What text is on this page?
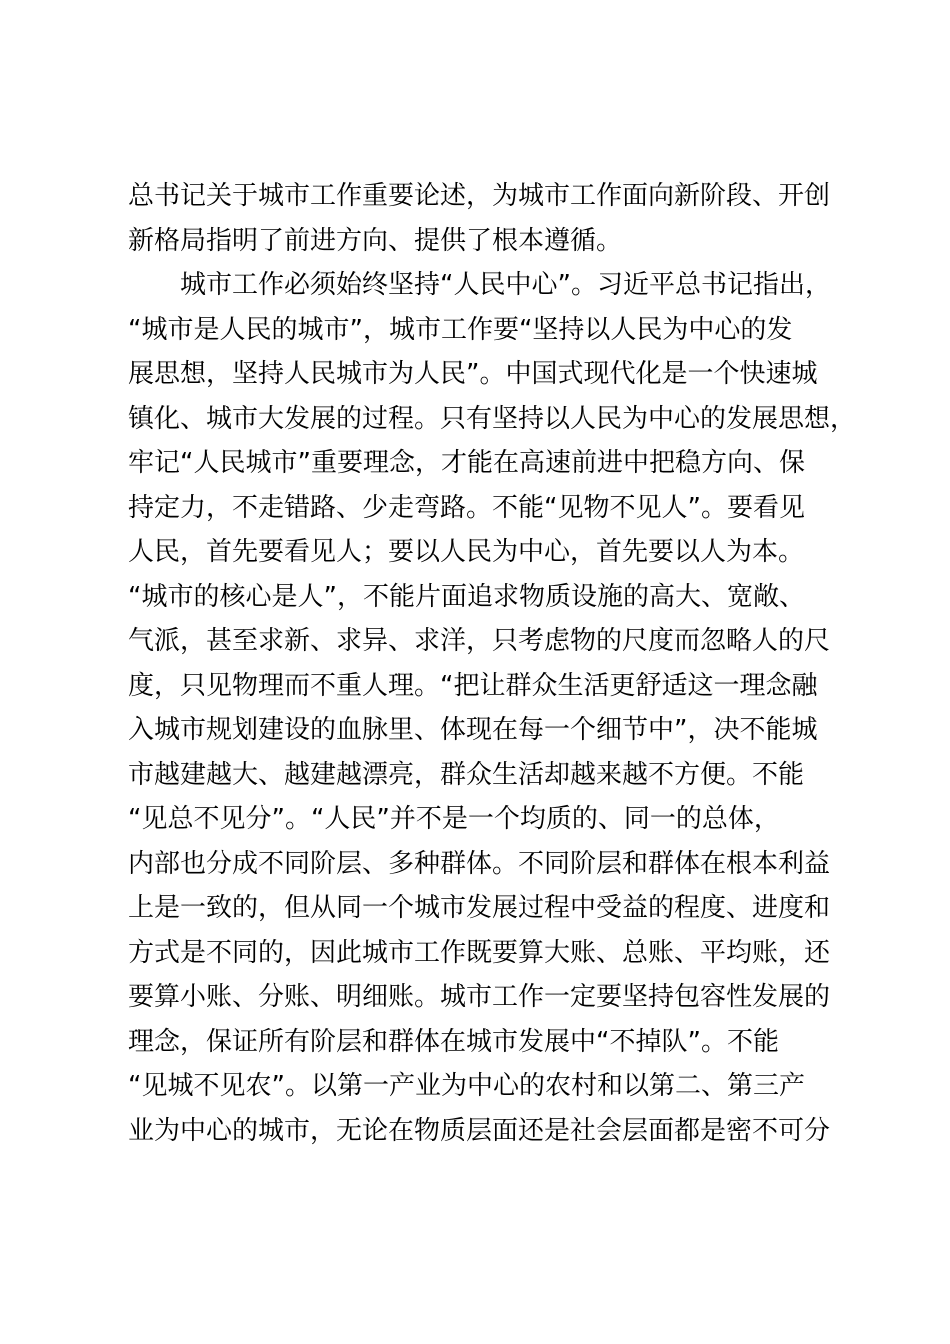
总书记关于城市工作重要论述，为城市工作面向新阶段、开创
新格局指明了前进方向、提供了根本遵循。
城市工作必须始终坚持“人民中心”。习近平总书记指出，
“城市是人民的城市”，城市工作要“坚持以人民为中心的发
展思想，坚持人民城市为人民”。中国式现代化是一个快速城
镇化、城市大发展的过程。只有坚持以人民为中心的发展思想，
牢记“人民城市”重要理念，才能在高速前进中把稳方向、保
持定力，不走错路、少走弯路。不能“见物不见人”。要看见
人民，首先要看见人；要以人民为中心，首先要以人为本。
“城市的核心是人”，不能片面追求物质设施的高大、宽敞、
气派，甚至求新、求异、求洋，只考虑物的尺度而忽略人的尺
度，只见物理而不重人理。“把让群众生活更舒适这一理念融
入城市规划建设的血脉里、体现在每一个细节中”，决不能城
市越建越大、越建越漂亮，群众生活却越来越不方便。不能
“见总不见分”。“人民”并不是一个均质的、同一的总体，
内部也分成不同阶层、多种群体。不同阶层和群体在根本利益
上是一致的，但从同一个城市发展过程中受益的程度、进度和
方式是不同的，因此城市工作既要算大账、总账、平均账，还
要算小账、分账、明细账。城市工作一定要坚持包容性发展的
理念，保证所有阶层和群体在城市发展中“不掉队”。不能
“见城不见农”。以第一产业为中心的农村和以第二、第三产
业为中心的城市，无论在物质层面还是社会层面都是密不可分
